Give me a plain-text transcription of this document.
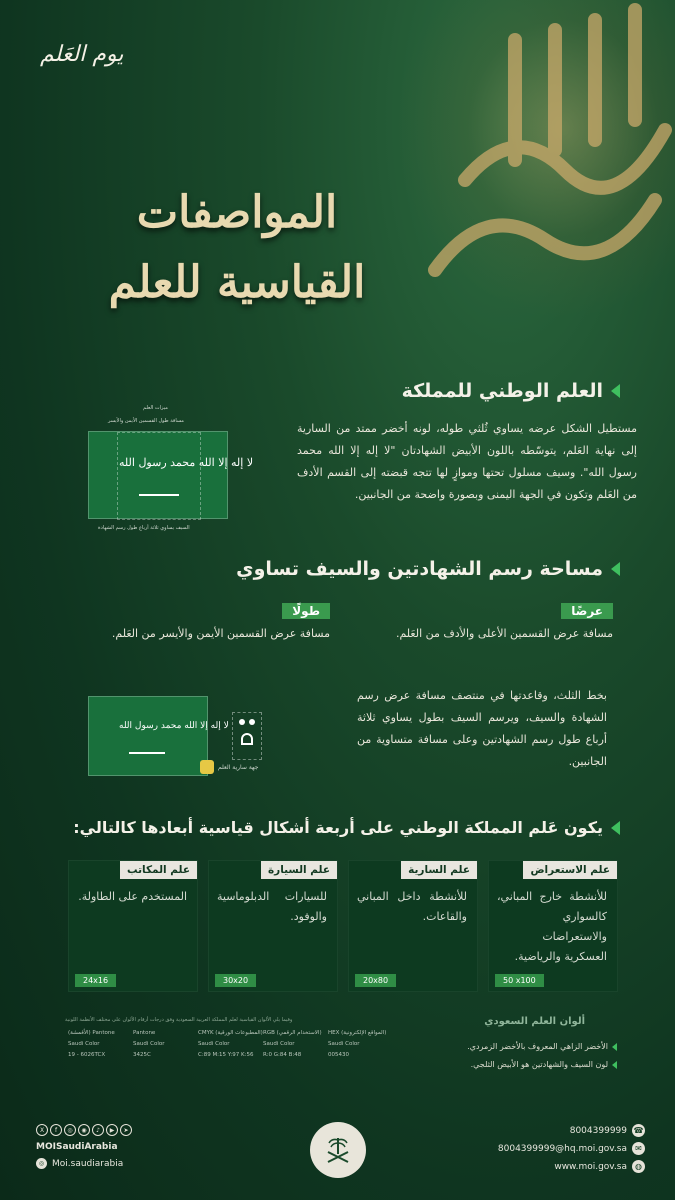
يوم العَلم
المواصفات
القياسية للعلم
العلم الوطني للمملكة

مستطيل الشكل عرضه يساوي ثُلثي طوله، لونه أخضر ممتد من السارية إلى نهاية العَلم، يتوسّطه باللون الأبيض الشهادتان "لا إله إلا الله محمد رسول الله". وسيف مسلول تحتها وموازٍ لها تتجه قبضته إلى القسم الأدف من العَلم وتكون في الجهة اليمنى وبصورة واضحة من الجانبين.

ميزات العلم
مسافة طول القسمين الأيمن والأيسر
لا إله إلا الله محمد رسول الله
السيف يساوي ثلاثة أرباع طول رسم الشهادة
مساحة رسم الشهادتين والسيف تساوي
عرضًا

مسافة عرض القسمين الأعلى والأدف من العَلم.

طولًا

مسافة عرض القسمين الأيمن والأيسر من العَلم.

بخط الثلث، وقاعدتها في منتصف مسافة عرض رسم الشهادة والسيف، ويرسم السيف بطول يساوي ثلاثة أرباع طول رسم الشهادتين وعلى مسافة متساوية من الجانبين.

لا إله إلا الله محمد رسول الله
جهة سارية العلم
يكون عَلم المملكة الوطني على أربعة أشكال قياسية أبعادها كالتالي:
علم الاستعراض
للأنشطة خارج المباني، كالسواري والاستعراضات العسكرية والرياضية.
50 x100
علم السارية
للأنشطة داخل المباني والقاعات.
20x80
علم السيارة
للسيارات الدبلوماسية والوفود.
30x20
علم المكاتب
المستخدم على الطاولة.
24x16
ألوان العلم السعودي
الأخضر الزاهي المعروف بالأخضر الزمردي.
لون السيف والشهادتين هو الأبيض الثلجي.
وفيما يلي الألوان القياسية لعلم المملكة العربية السعودية وفق درجات أرقام الألوان على مختلف الأنظمة اللونية
(الأقمشة) Pantone
Saudi Color
19 - 6026TCX
Pantone
Saudi Color
3425C
CMYK (المطبوعات الورقية)
Saudi Color
C:89 M:15 Y:97 K:56
RGB (الاستخدام الرقمي)
Saudi Color
R:0 G:84 B:48
HEX (المواقع الإلكترونية)
Saudi Color
005430
8004399999 ☎
8004399999@hq.moi.gov.sa	✉
www.moi.gov.sa	◍
X	f	◎	◉	♪	▶	➤
MOISaudiArabia
◎ Moi.saudiarabia
